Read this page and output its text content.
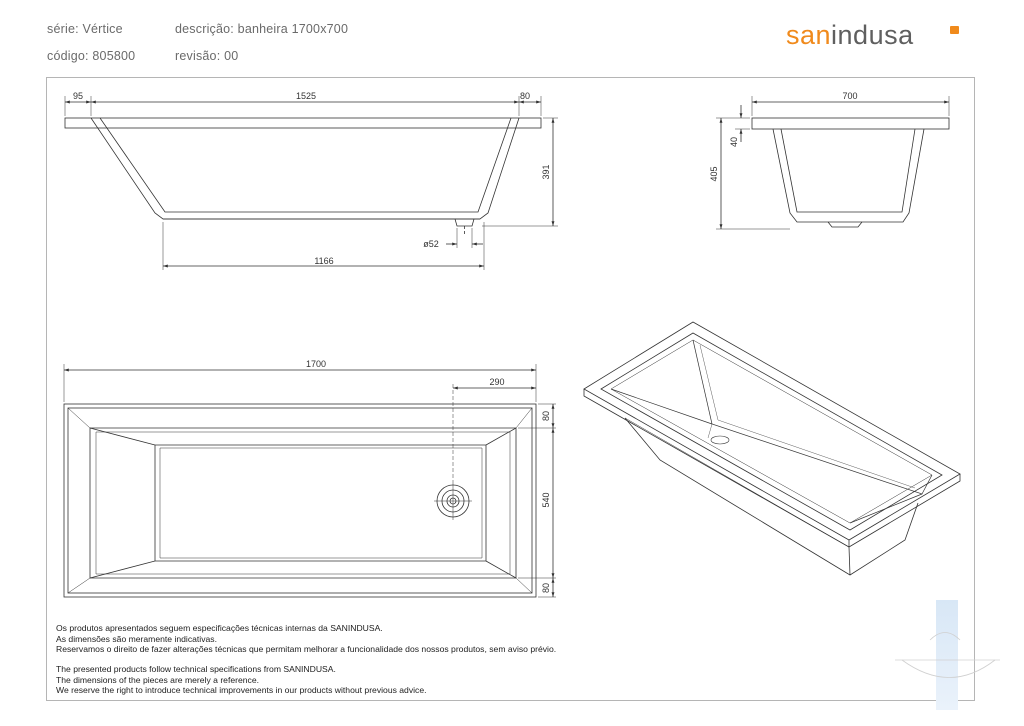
série: Vértice	descrição: banheira 1700x700
código: 805800	revisão: 00
sanindusa
95	1525	80
391
ø52
1166
700
40
405
1700
290
80
540
80
Os produtos apresentados seguem especificações técnicas internas da SANINDUSA.
As dimensões são meramente indicativas.
Reservamos o direito de fazer alterações técnicas que permitam melhorar a funcionalidade dos nossos produtos, sem aviso prévio.
The presented products follow technical specifications from SANINDUSA.
The dimensions of the pieces are merely a reference.
We reserve the right to introduce technical improvements in our products without previous advice.
